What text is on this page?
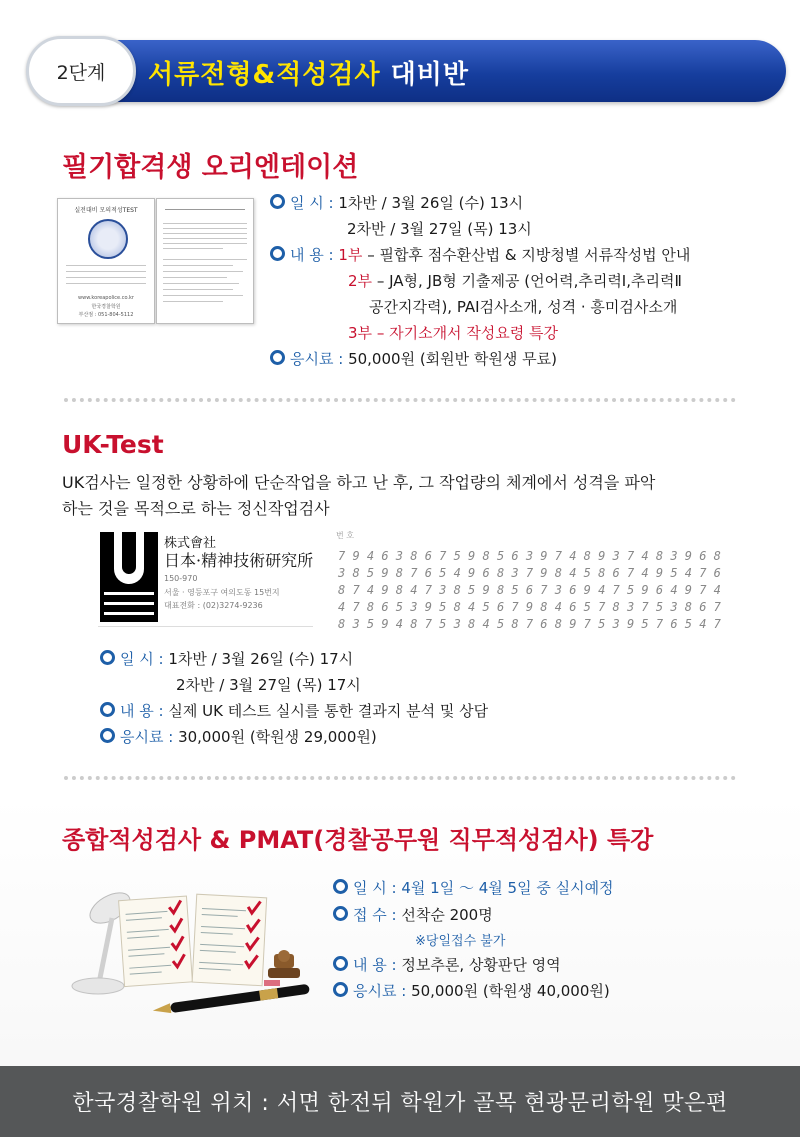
2단계	서류전형&적성검사 대비반
필기합격생 오리엔테이션
실전대비 모의적성TEST
www.koreapolice.co.kr
한국경찰학원
부산점 : 051-804-5112
일 시 : 1차반 / 3월 26일 (수) 13시
2차반 / 3월 27일 (목) 13시
내 용 : 1부 – 필합후 점수환산법 & 지방청별 서류작성법 안내
2부 – JA형, JB형 기출제공 (언어력,추리력Ⅰ,추리력Ⅱ
공간지각력), PAI검사소개, 성격 · 흥미검사소개
3부 – 자기소개서 작성요령 특강
응시료 : 50,000원 (회원반 학원생 무료)
UK-Test
UK검사는 일정한 상황하에 단순작업을 하고 난 후, 그 작업량의 체계에서 성격을 파악
하는 것을 목적으로 하는 정신작업검사
株式會社
日本·精神技術研究所
150-970
서울 · 영등포구 여의도동 15번지
대표전화 : (02)3274-9236
번 호
7 9 4 6 3 8 6 7 5 9 8 5 6 3 9 7 4 8 9 3 7 4 8 3 9 6 8
3 8 5 9 8 7 6 5 4 9 6 8 3 7 9 8 4 5 8 6 7 4 9 5 4 7 6
8 7 4 9 8 4 7 3 8 5 9 8 5 6 7 3 6 9 4 7 5 9 6 4 9 7 4
4 7 8 6 5 3 9 5 8 4 5 6 7 9 8 4 6 5 7 8 3 7 5 3 8 6 7
8 3 5 9 4 8 7 5 3 8 4 5 8 7 6 8 9 7 5 3 9 5 7 6 5 4 7
일 시 : 1차반 / 3월 26일 (수) 17시
2차반 / 3월 27일 (목) 17시
내 용 : 실제 UK 테스트 실시를 통한 결과지 분석 및 상담
응시료 : 30,000원 (학원생 29,000원)
종합적성검사 & PMAT(경찰공무원 직무적성검사) 특강
일 시 : 4월 1일 ～ 4월 5일 중 실시예정
접 수 : 선착순 200명
※당일접수 불가
내 용 : 정보추론, 상황판단 영역
응시료 : 50,000원 (학원생 40,000원)
한국경찰학원 위치 : 서면 한전뒤 학원가 골목 현광문리학원 맞은편
